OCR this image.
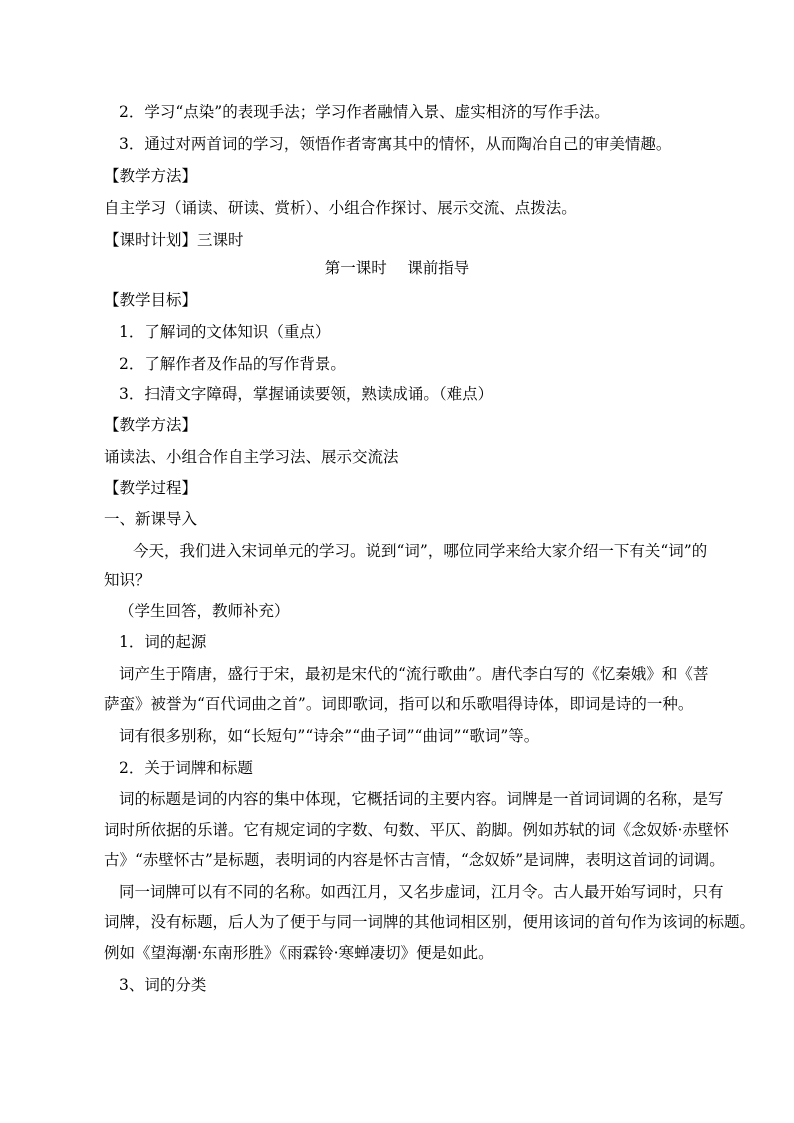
2．学习“点染”的表现手法；学习作者融情入景、虚实相济的写作手法。
3．通过对两首词的学习，领悟作者寄寓其中的情怀，从而陶冶自己的审美情趣。
【教学方法】
自主学习（诵读、研读、赏析）、小组合作探讨、展示交流、点拨法。
【课时计划】三课时
第一课时　 课前指导
【教学目标】
1．了解词的文体知识（重点）
2．了解作者及作品的写作背景。
3．扫清文字障碍，掌握诵读要领，熟读成诵。（难点）
【教学方法】
诵读法、小组合作自主学习法、展示交流法
【教学过程】
一、新课导入
今天，我们进入宋词单元的学习。说到“词”，哪位同学来给大家介绍一下有关“词”的
知识？
（学生回答，教师补充）
1．词的起源
词产生于隋唐，盛行于宋，最初是宋代的“流行歌曲”。唐代李白写的《忆秦娥》和《菩
萨蛮》被誉为“百代词曲之首”。词即歌词，指可以和乐歌唱得诗体，即词是诗的一种。
词有很多别称，如“长短句”“诗余”“曲子词”“曲词”“歌词”等。
2．关于词牌和标题
词的标题是词的内容的集中体现，它概括词的主要内容。词牌是一首词词调的名称，是写
词时所依据的乐谱。它有规定词的字数、句数、平仄、韵脚。例如苏轼的词《念奴娇·赤壁怀
古》“赤壁怀古”是标题，表明词的内容是怀古言情，“念奴娇”是词牌，表明这首词的词调。
同一词牌可以有不同的名称。如西江月，又名步虚词，江月令。古人最开始写词时，只有
词牌，没有标题，后人为了便于与同一词牌的其他词相区别，便用该词的首句作为该词的标题。
例如《望海潮·东南形胜》《雨霖铃·寒蝉凄切》便是如此。
3、词的分类
